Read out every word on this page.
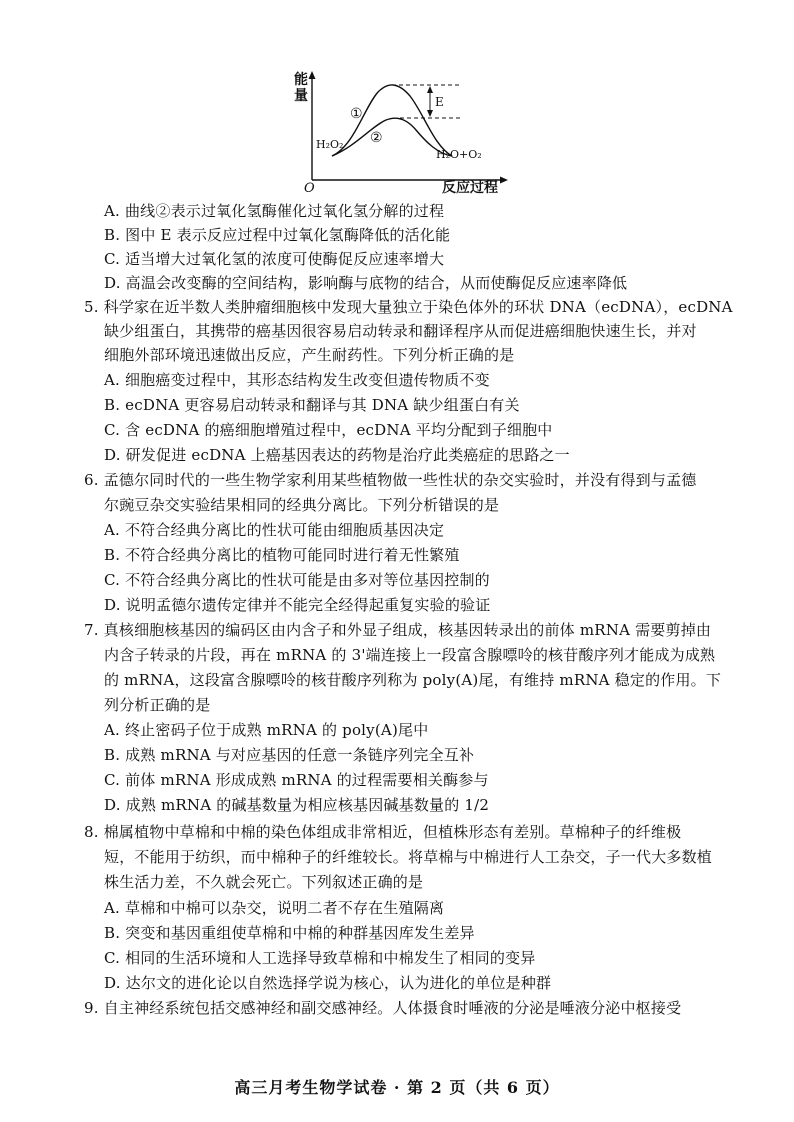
能
量
O	反应过程
①
②
H₂O₂
H₂O+O₂
E
A. 曲线②表示过氧化氢酶催化过氧化氢分解的过程
B. 图中 E 表示反应过程中过氧化氢酶降低的活化能
C. 适当增大过氧化氢的浓度可使酶促反应速率增大
D. 高温会改变酶的空间结构，影响酶与底物的结合，从而使酶促反应速率降低
5. 科学家在近半数人类肿瘤细胞核中发现大量独立于染色体外的环状 DNA（ecDNA），ecDNA
缺少组蛋白，其携带的癌基因很容易启动转录和翻译程序从而促进癌细胞快速生长，并对
细胞外部环境迅速做出反应，产生耐药性。下列分析正确的是
A. 细胞癌变过程中，其形态结构发生改变但遗传物质不变
B. ecDNA 更容易启动转录和翻译与其 DNA 缺少组蛋白有关
C. 含 ecDNA 的癌细胞增殖过程中，ecDNA 平均分配到子细胞中
D. 研发促进 ecDNA 上癌基因表达的药物是治疗此类癌症的思路之一
6. 孟德尔同时代的一些生物学家利用某些植物做一些性状的杂交实验时，并没有得到与孟德
尔豌豆杂交实验结果相同的经典分离比。下列分析错误的是
A. 不符合经典分离比的性状可能由细胞质基因决定
B. 不符合经典分离比的植物可能同时进行着无性繁殖
C. 不符合经典分离比的性状可能是由多对等位基因控制的
D. 说明孟德尔遗传定律并不能完全经得起重复实验的验证
7. 真核细胞核基因的编码区由内含子和外显子组成，核基因转录出的前体 mRNA 需要剪掉由
内含子转录的片段，再在 mRNA 的 3'端连接上一段富含腺嘌呤的核苷酸序列才能成为成熟
的 mRNA，这段富含腺嘌呤的核苷酸序列称为 poly(A)尾，有维持 mRNA 稳定的作用。下
列分析正确的是
A. 终止密码子位于成熟 mRNA 的 poly(A)尾中
B. 成熟 mRNA 与对应基因的任意一条链序列完全互补
C. 前体 mRNA 形成成熟 mRNA 的过程需要相关酶参与
D. 成熟 mRNA 的碱基数量为相应核基因碱基数量的 1/2
8. 棉属植物中草棉和中棉的染色体组成非常相近，但植株形态有差别。草棉种子的纤维极
短，不能用于纺织，而中棉种子的纤维较长。将草棉与中棉进行人工杂交，子一代大多数植
株生活力差，不久就会死亡。下列叙述正确的是
A. 草棉和中棉可以杂交，说明二者不存在生殖隔离
B. 突变和基因重组使草棉和中棉的种群基因库发生差异
C. 相同的生活环境和人工选择导致草棉和中棉发生了相同的变异
D. 达尔文的进化论以自然选择学说为核心，认为进化的单位是种群
9. 自主神经系统包括交感神经和副交感神经。人体摄食时唾液的分泌是唾液分泌中枢接受
高三月考生物学试卷 · 第 2 页（共 6 页）
